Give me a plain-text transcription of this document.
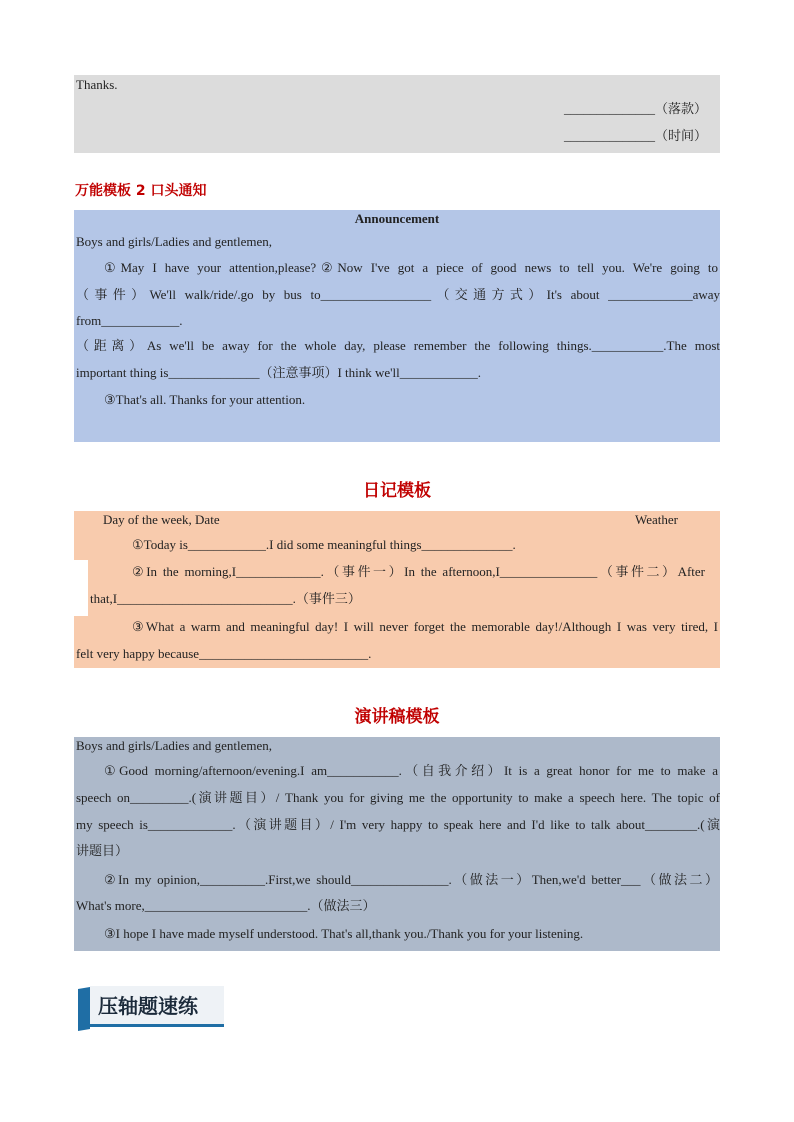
Thanks.
______________（落款）
______________（时间）
万能模板 2 口头通知
Announcement
Boys and girls/Ladies and gentlemen,
①May I have your attention,please?②Now I've got a piece of good news to tell you. We're going to
（事件）We'll walk/ride/.go by bus to_________________（交通方式）It's about _____________away
from____________.
（距离）As we'll be away for the whole day, please remember the following things.___________.The most
important thing is______________（注意事项）I think we'll____________.
③That's all. Thanks for your attention.
日记模板
Day of the week, Date	Weather
①Today is____________.I did some meaningful things______________.
②In the morning,I_____________.（事件一）In the afternoon,I_______________（事件二）After
that,I___________________________.（事件三）
③What a warm and meaningful day! I will never forget the memorable day!/Although I was very tired, I
felt very happy because__________________________.
演讲稿模板
Boys and girls/Ladies and gentlemen,
①Good morning/afternoon/evening.I am___________.（自我介绍）It is a great honor for me to make a
speech on_________.(演讲题目）/ Thank you for giving me the opportunity to make a speech here. The topic of
my speech is_____________.（演讲题目）/ I'm very happy to speak here and I'd like to talk about________.(演
讲题目）
②In my opinion,__________.First,we should_______________.（做法一）Then,we'd better___（做法二）
What's more,_________________________.（做法三）
③I hope I have made myself understood. That's all,thank you./Thank you for your listening.
压轴题速练
